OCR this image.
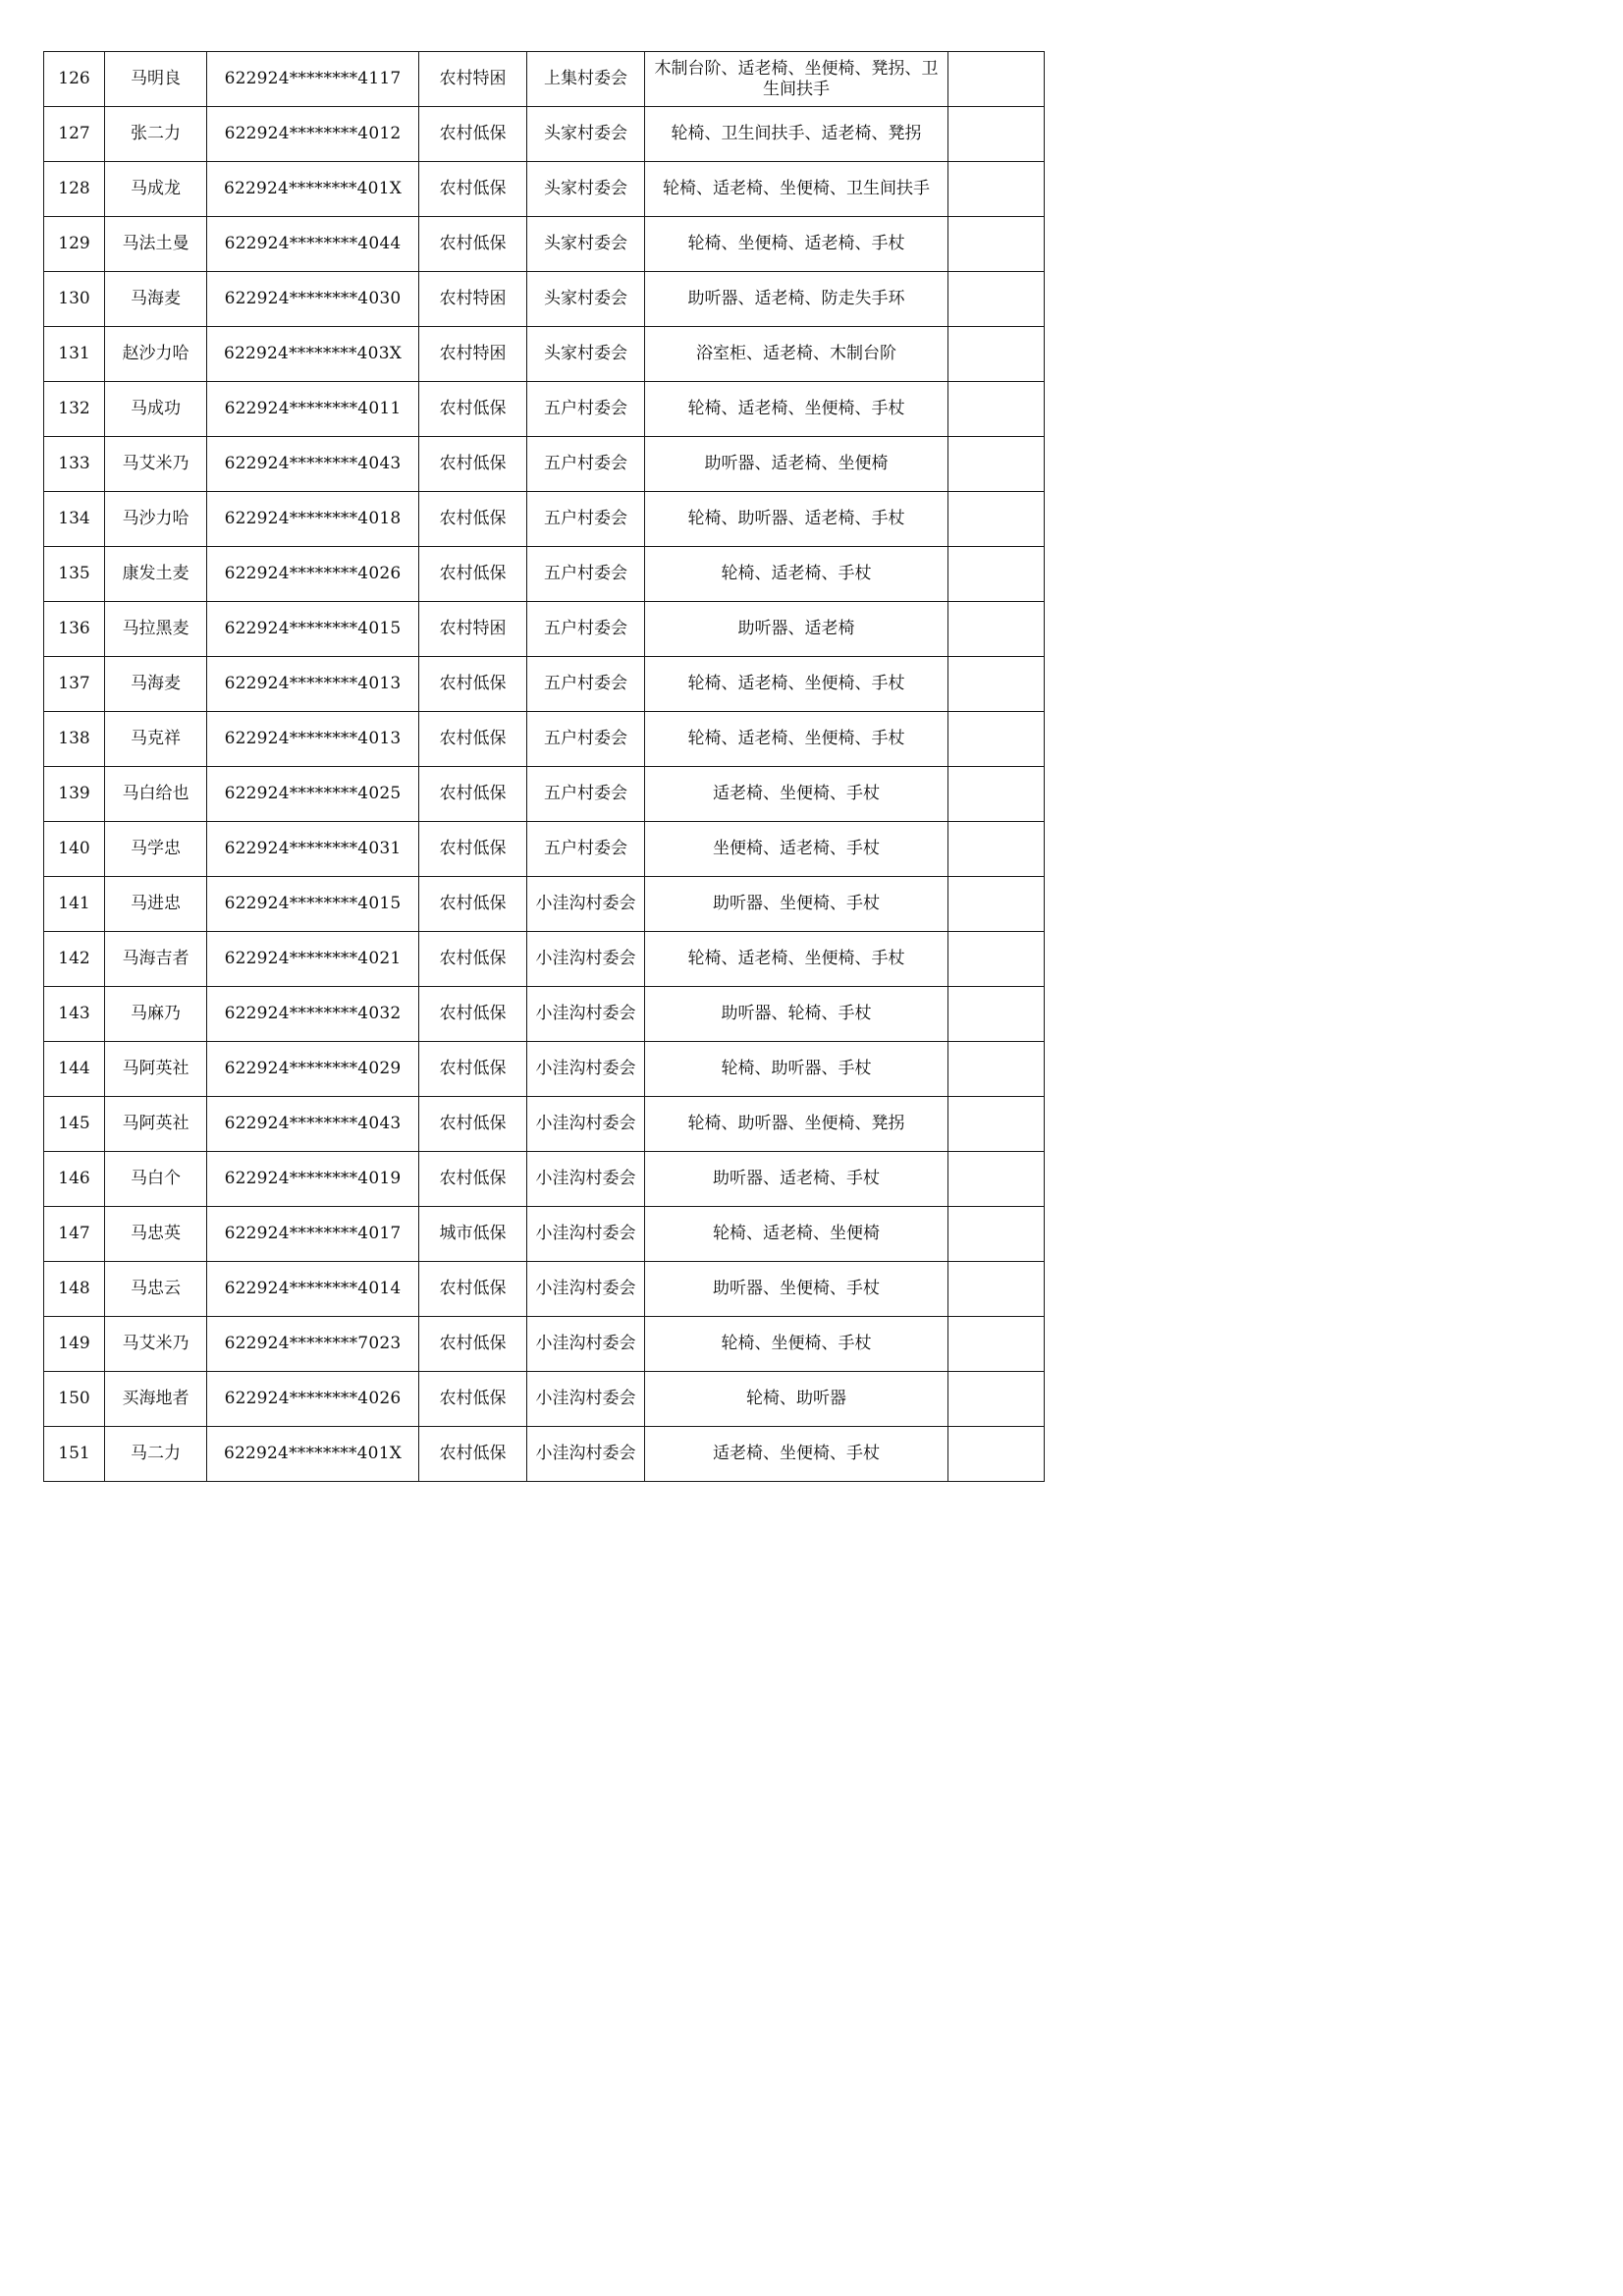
126	马明良	622924********4117	农村特困	上集村委会	木制台阶、适老椅、坐便椅、凳拐、卫生间扶手	
127	张二力	622924********4012	农村低保	头家村委会	轮椅、卫生间扶手、适老椅、凳拐	
128	马成龙	622924********401X	农村低保	头家村委会	轮椅、适老椅、坐便椅、卫生间扶手	
129	马法土曼	622924********4044	农村低保	头家村委会	轮椅、坐便椅、适老椅、手杖	
130	马海麦	622924********4030	农村特困	头家村委会	助听器、适老椅、防走失手环	
131	赵沙力哈	622924********403X	农村特困	头家村委会	浴室柜、适老椅、木制台阶	
132	马成功	622924********4011	农村低保	五户村委会	轮椅、适老椅、坐便椅、手杖	
133	马艾米乃	622924********4043	农村低保	五户村委会	助听器、适老椅、坐便椅	
134	马沙力哈	622924********4018	农村低保	五户村委会	轮椅、助听器、适老椅、手杖	
135	康发土麦	622924********4026	农村低保	五户村委会	轮椅、适老椅、手杖	
136	马拉黑麦	622924********4015	农村特困	五户村委会	助听器、适老椅	
137	马海麦	622924********4013	农村低保	五户村委会	轮椅、适老椅、坐便椅、手杖	
138	马克祥	622924********4013	农村低保	五户村委会	轮椅、适老椅、坐便椅、手杖	
139	马白给也	622924********4025	农村低保	五户村委会	适老椅、坐便椅、手杖	
140	马学忠	622924********4031	农村低保	五户村委会	坐便椅、适老椅、手杖	
141	马进忠	622924********4015	农村低保	小洼沟村委会	助听器、坐便椅、手杖	
142	马海吉者	622924********4021	农村低保	小洼沟村委会	轮椅、适老椅、坐便椅、手杖	
143	马麻乃	622924********4032	农村低保	小洼沟村委会	助听器、轮椅、手杖	
144	马阿英社	622924********4029	农村低保	小洼沟村委会	轮椅、助听器、手杖	
145	马阿英社	622924********4043	农村低保	小洼沟村委会	轮椅、助听器、坐便椅、凳拐	
146	马白个	622924********4019	农村低保	小洼沟村委会	助听器、适老椅、手杖	
147	马忠英	622924********4017	城市低保	小洼沟村委会	轮椅、适老椅、坐便椅	
148	马忠云	622924********4014	农村低保	小洼沟村委会	助听器、坐便椅、手杖	
149	马艾米乃	622924********7023	农村低保	小洼沟村委会	轮椅、坐便椅、手杖	
150	买海地者	622924********4026	农村低保	小洼沟村委会	轮椅、助听器	
151	马二力	622924********401X	农村低保	小洼沟村委会	适老椅、坐便椅、手杖	
